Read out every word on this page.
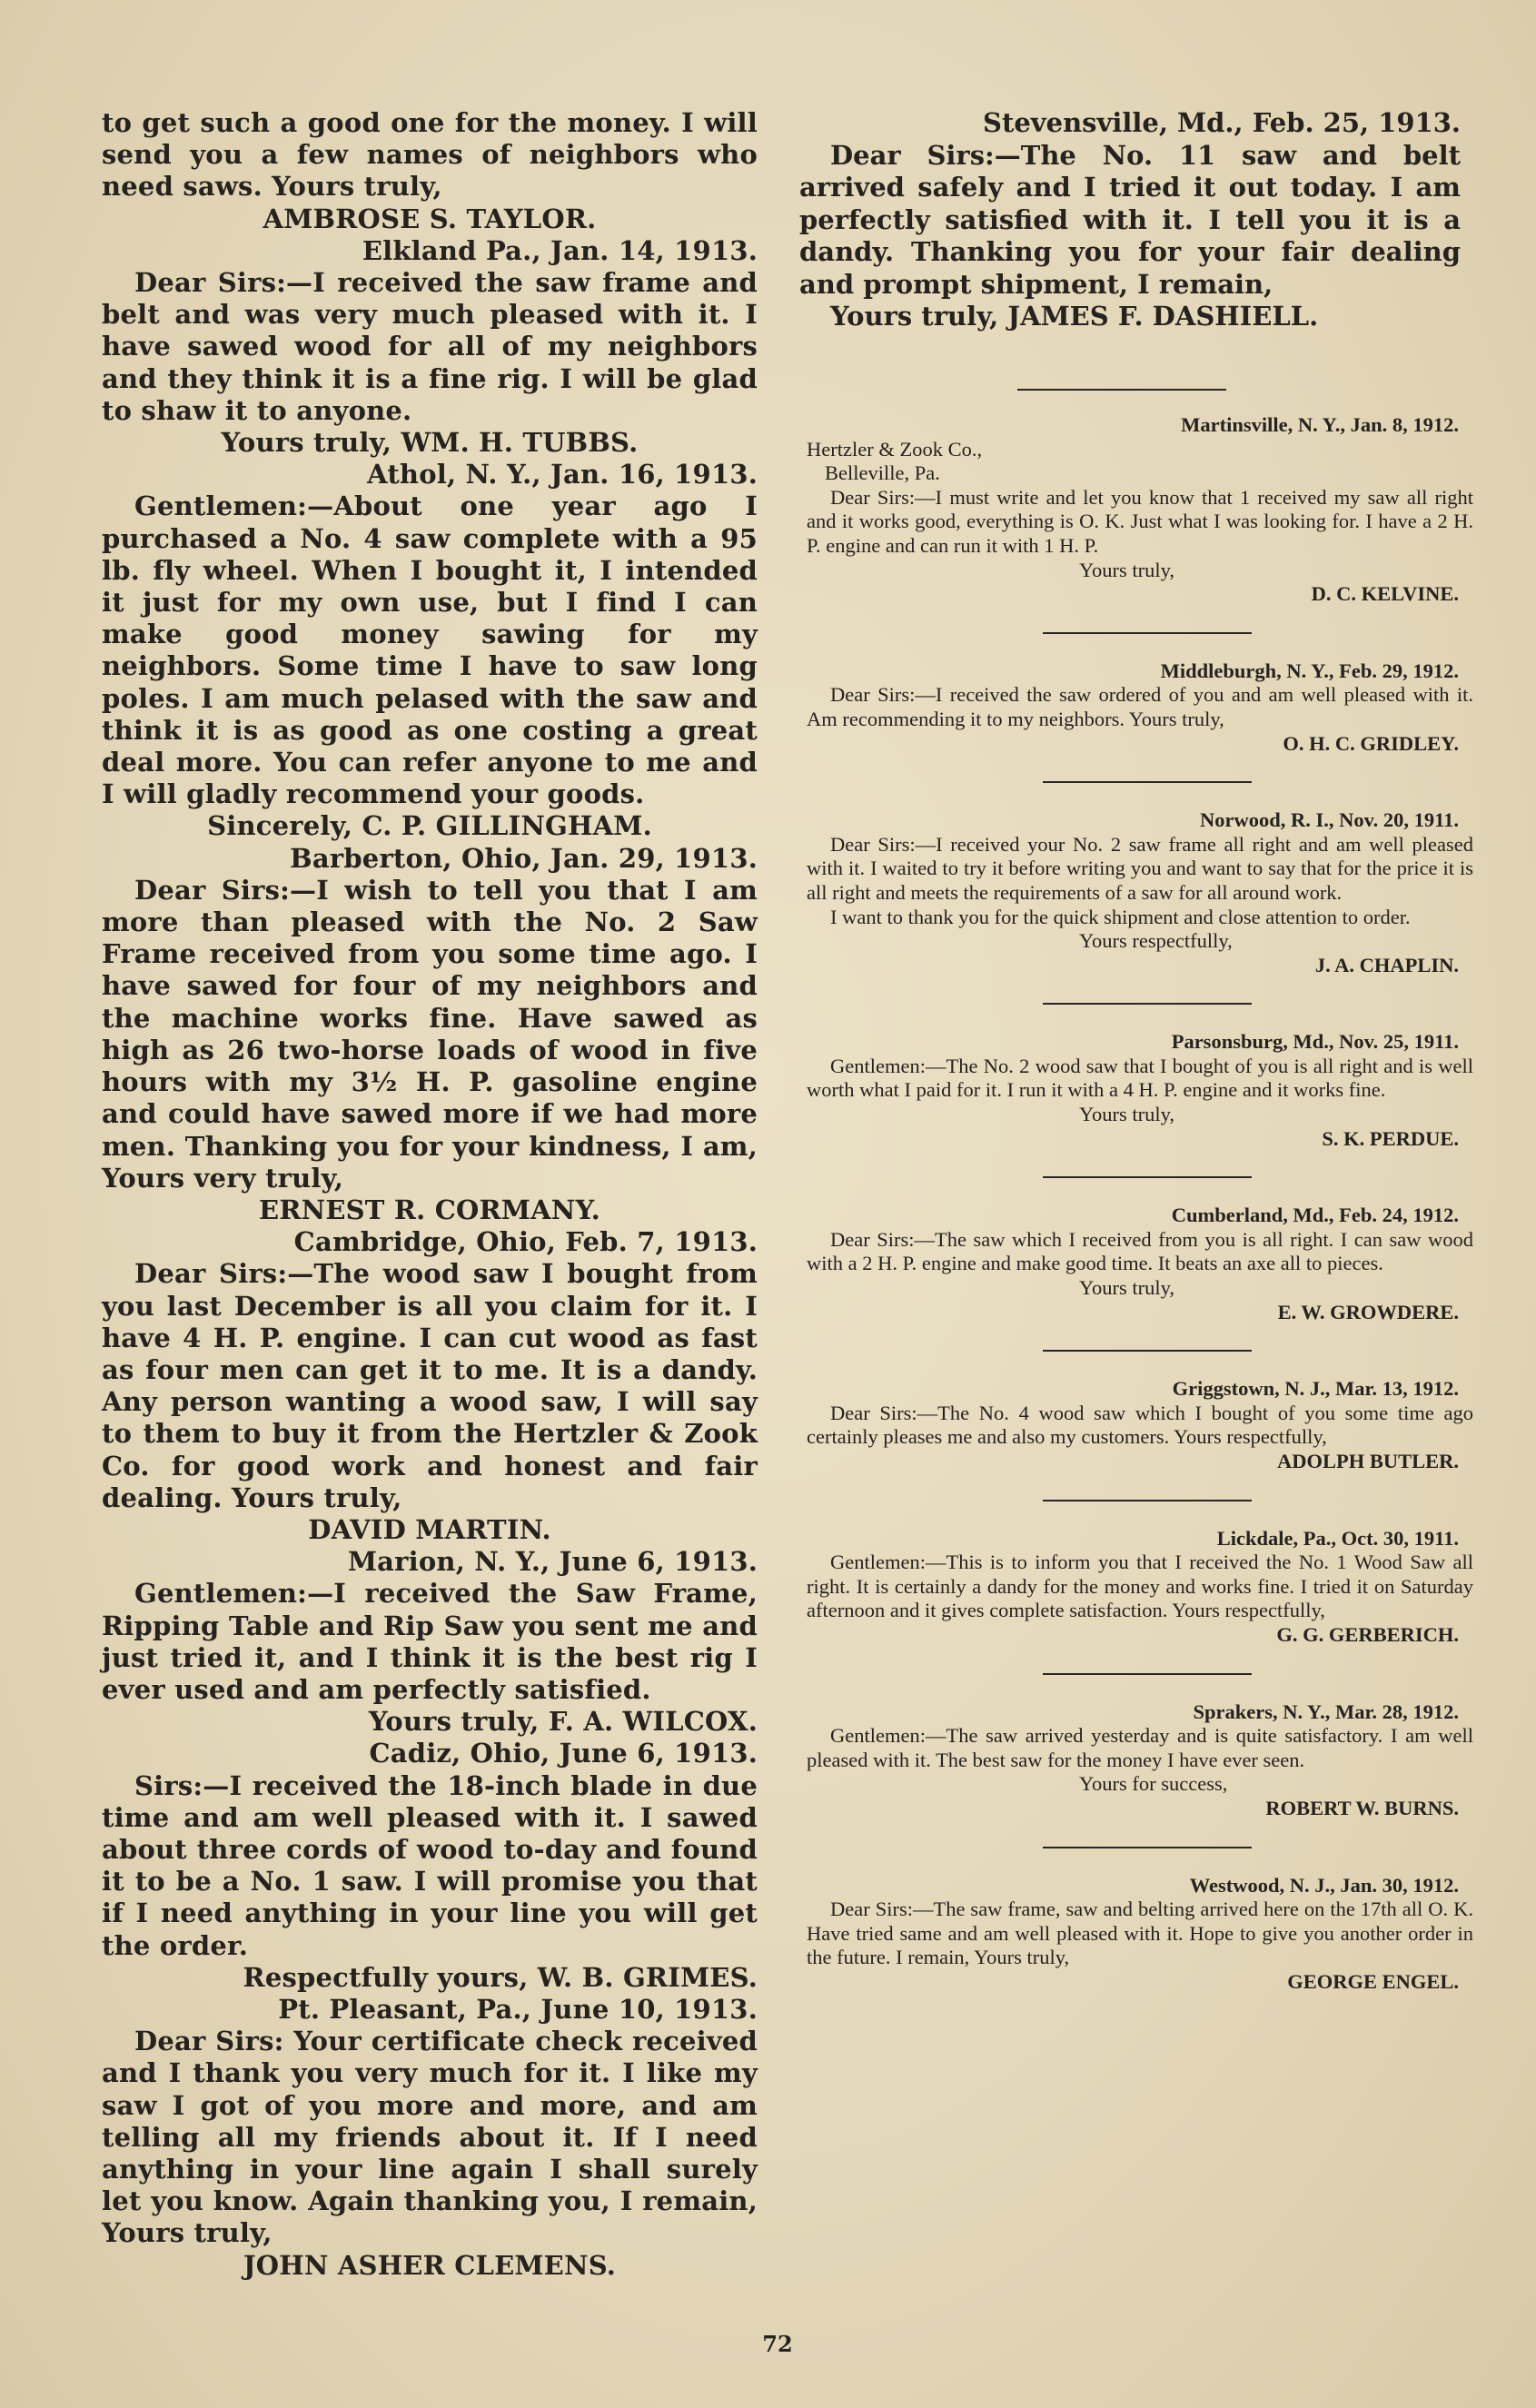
to get such a good one for the money. I will send you a few names of neighbors who need saws. Yours truly,

AMBROSE S. TAYLOR.

Elkland Pa., Jan. 14, 1913.

Dear Sirs:—I received the saw frame and belt and was very much pleased with it. I have sawed wood for all of my neighbors and they think it is a fine rig. I will be glad to shaw it to anyone.

Yours truly, WM. H. TUBBS.

Athol, N. Y., Jan. 16, 1913.

Gentlemen:—About one year ago I purchased a No. 4 saw complete with a 95 lb. fly wheel. When I bought it, I intended it just for my own use, but I find I can make good money sawing for my neighbors. Some time I have to saw long poles. I am much pelased with the saw and think it is as good as one costing a great deal more. You can refer anyone to me and I will gladly recommend your goods.

Sincerely, C. P. GILLINGHAM.

Barberton, Ohio, Jan. 29, 1913.

Dear Sirs:—I wish to tell you that I am more than pleased with the No. 2 Saw Frame received from you some time ago. I have sawed for four of my neighbors and the machine works fine. Have sawed as high as 26 two-horse loads of wood in five hours with my 3½ H. P. gasoline engine and could have sawed more if we had more men. Thanking you for your kindness, I am, Yours very truly,

ERNEST R. CORMANY.

Cambridge, Ohio, Feb. 7, 1913.

Dear Sirs:—The wood saw I bought from you last December is all you claim for it. I have 4 H. P. engine. I can cut wood as fast as four men can get it to me. It is a dandy. Any person wanting a wood saw, I will say to them to buy it from the Hertzler & Zook Co. for good work and honest and fair dealing. Yours truly,

DAVID MARTIN.

Marion, N. Y., June 6, 1913.

Gentlemen:—I received the Saw Frame, Ripping Table and Rip Saw you sent me and just tried it, and I think it is the best rig I ever used and am perfectly satisfied.

Yours truly, F. A. WILCOX.

Cadiz, Ohio, June 6, 1913.

Sirs:—I received the 18-inch blade in due time and am well pleased with it. I sawed about three cords of wood to-day and found it to be a No. 1 saw. I will promise you that if I need anything in your line you will get the order.

Respectfully yours, W. B. GRIMES.

Pt. Pleasant, Pa., June 10, 1913.

Dear Sirs: Your certificate check received and I thank you very much for it. I like my saw I got of you more and more, and am telling all my friends about it. If I need anything in your line again I shall surely let you know. Again thanking you, I remain, Yours truly,

JOHN ASHER CLEMENS.

Stevensville, Md., Feb. 25, 1913.

Dear Sirs:—The No. 11 saw and belt arrived safely and I tried it out today. I am perfectly satisfied with it. I tell you it is a dandy. Thanking you for your fair dealing and prompt shipment, I remain,

Yours truly, JAMES F. DASHIELL.

Martinsville, N. Y., Jan. 8, 1912.

Hertzler & Zook Co.,

Belleville, Pa.

Dear Sirs:—I must write and let you know that 1 received my saw all right and it works good, everything is O. K. Just what I was looking for. I have a 2 H. P. engine and can run it with 1 H. P.

Yours truly,

D. C. KELVINE.

Middleburgh, N. Y., Feb. 29, 1912.

Dear Sirs:—I received the saw ordered of you and am well pleased with it. Am recommending it to my neighbors. Yours truly,

O. H. C. GRIDLEY.

Norwood, R. I., Nov. 20, 1911.

Dear Sirs:—I received your No. 2 saw frame all right and am well pleased with it. I waited to try it before writing you and want to say that for the price it is all right and meets the requirements of a saw for all around work.

I want to thank you for the quick shipment and close attention to order.

Yours respectfully,

J. A. CHAPLIN.

Parsonsburg, Md., Nov. 25, 1911.

Gentlemen:—The No. 2 wood saw that I bought of you is all right and is well worth what I paid for it. I run it with a 4 H. P. engine and it works fine.

Yours truly,

S. K. PERDUE.

Cumberland, Md., Feb. 24, 1912.

Dear Sirs:—The saw which I received from you is all right. I can saw wood with a 2 H. P. engine and make good time. It beats an axe all to pieces.

Yours truly,

E. W. GROWDERE.

Griggstown, N. J., Mar. 13, 1912.

Dear Sirs:—The No. 4 wood saw which I bought of you some time ago certainly pleases me and also my customers. Yours respectfully,

ADOLPH BUTLER.

Lickdale, Pa., Oct. 30, 1911.

Gentlemen:—This is to inform you that I received the No. 1 Wood Saw all right. It is certainly a dandy for the money and works fine. I tried it on Saturday afternoon and it gives complete satisfaction. Yours respectfully,

G. G. GERBERICH.

Sprakers, N. Y., Mar. 28, 1912.

Gentlemen:—The saw arrived yesterday and is quite satisfactory. I am well pleased with it. The best saw for the money I have ever seen.

Yours for success,

ROBERT W. BURNS.

Westwood, N. J., Jan. 30, 1912.

Dear Sirs:—The saw frame, saw and belting arrived here on the 17th all O. K. Have tried same and am well pleased with it. Hope to give you another order in the future. I remain, Yours truly,

GEORGE ENGEL.

72
